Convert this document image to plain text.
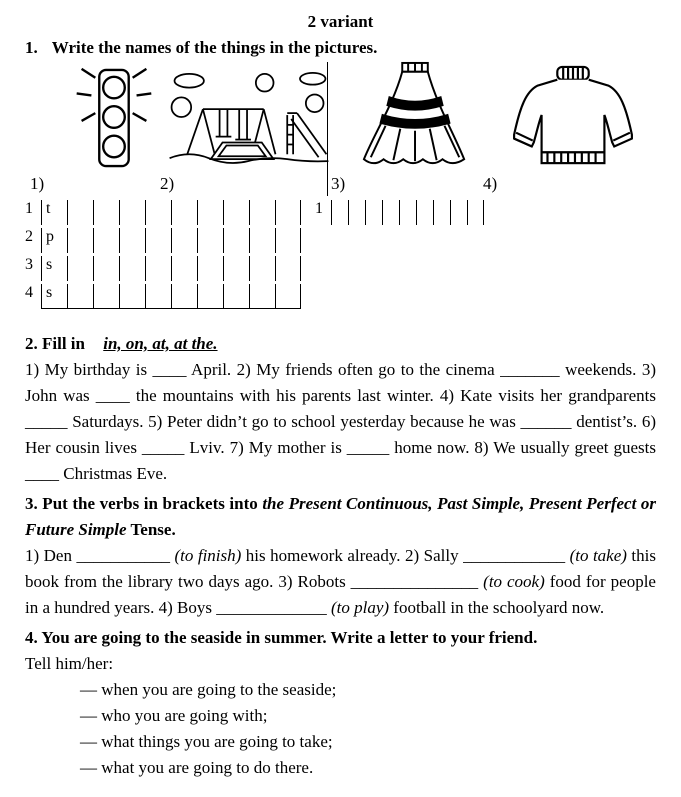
2 variant
1. Write the names of the things in the pictures.
1)	2)	3)	4)
1 t	1
2 p
3 s
4 s
2. Fill in in, on, at, at the.

1) My birthday is ____ April. 2) My friends often go to the cinema _______ weekends. 3) John was ____ the mountains with his parents last winter. 4) Kate visits her grandparents _____ Saturdays. 5) Peter didn’t go to school yesterday because he was ______ dentist’s. 6) Her cousin lives _____ Lviv. 7) My mother is _____ home now. 8) We usually greet guests ____ Christmas Eve.

3. Put the verbs in brackets into the Present Continuous, Past Simple, Present Perfect or Future Simple Tense.

1) Den ___________ (to finish) his homework already. 2) Sally ____________ (to take) this book from the library two days ago. 3) Robots _______________ (to cook) food for people in a hundred years. 4) Boys _____________ (to play) football in the schoolyard now.

4. You are going to the seaside in summer. Write a letter to your friend.

Tell him/her:

— when you are going to the seaside;

— who you are going with;

— what things you are going to take;

— what you are going to do there.
